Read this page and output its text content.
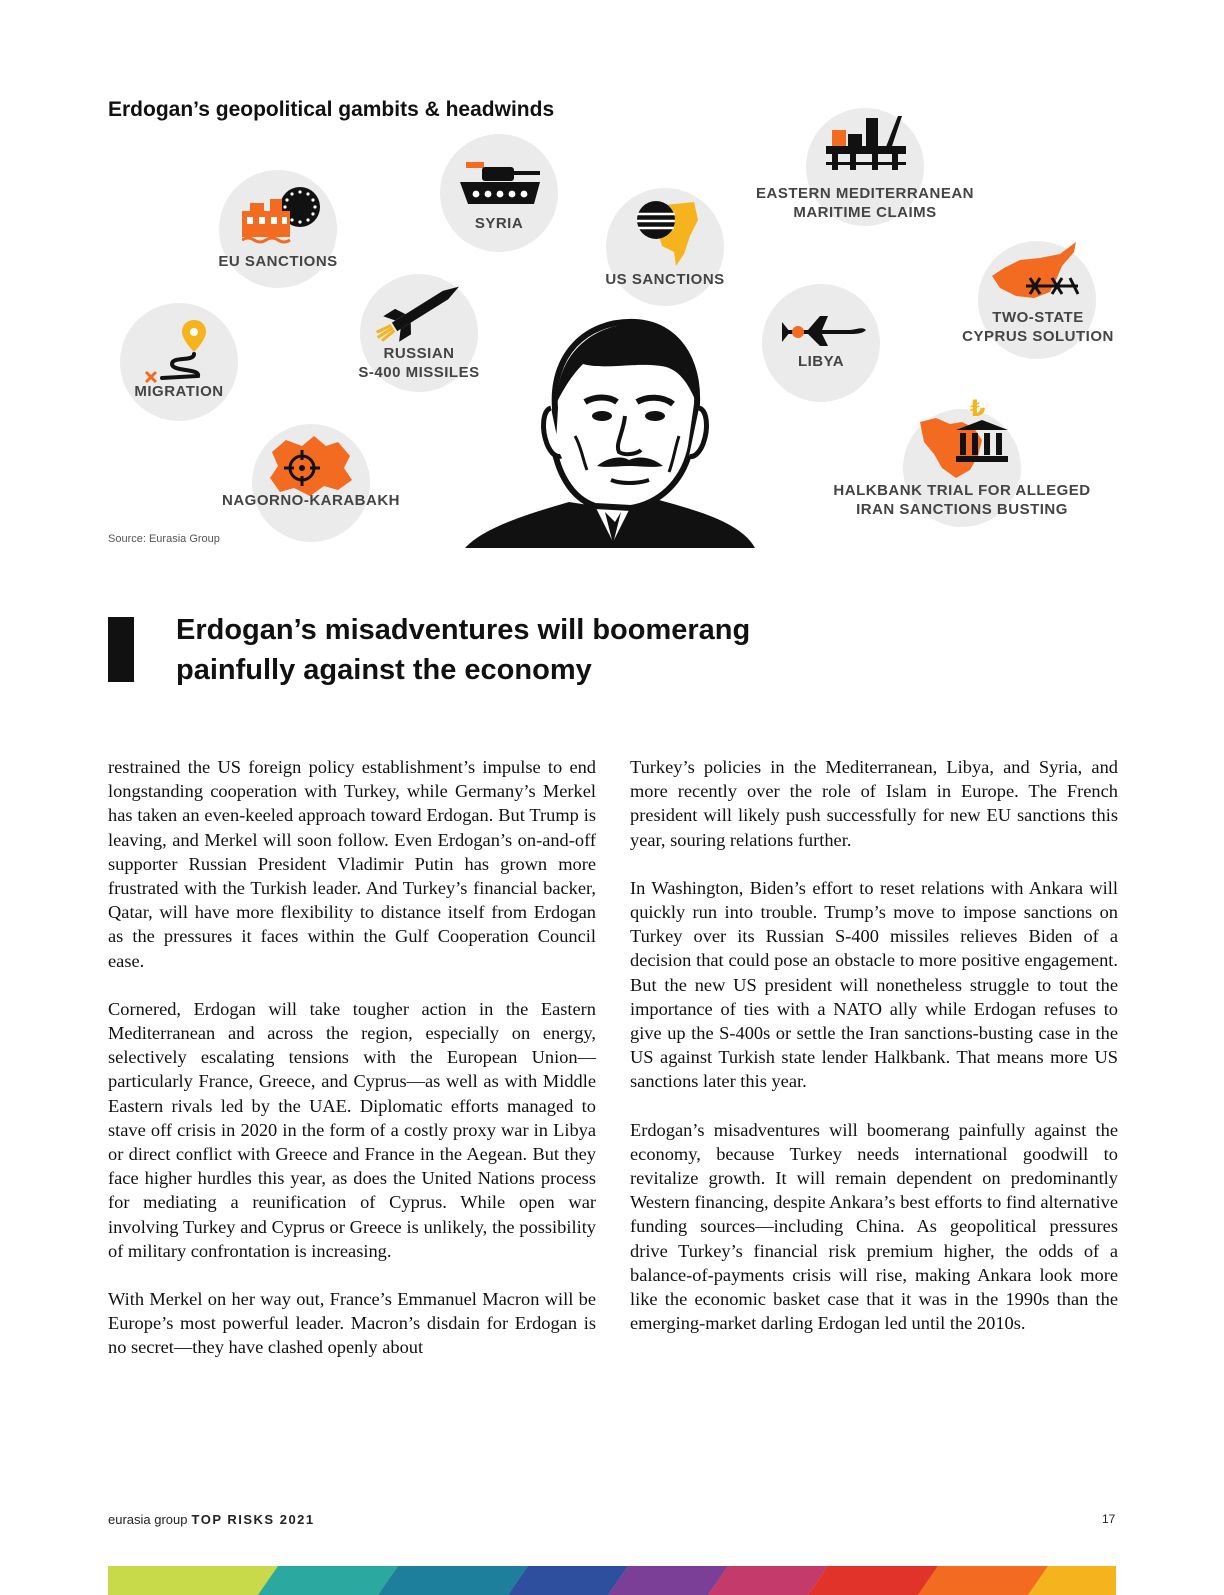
Erdogan’s geopolitical gambits & headwinds
₺
EU SANCTIONS
SYRIA
US SANCTIONS
EASTERN MEDITERRANEAN
MARITIME CLAIMS
TWO-STATE
CYPRUS SOLUTION
MIGRATION
RUSSIAN
S-400 MISSILES
LIBYA
NAGORNO-KARABAKH
HALKBANK TRIAL FOR ALLEGED
IRAN SANCTIONS BUSTING
Source: Eurasia Group
Erdogan’s misadventures will boomerang
painfully against the economy

restrained the US foreign policy establishment’s impulse to end longstanding cooperation with Turkey, while Germany’s Merkel has taken an even-keeled approach toward Erdogan. But Trump is leaving, and Merkel will soon follow. Even Erdogan’s on-and-off supporter Russian President Vladimir Putin has grown more frustrated with the Turkish leader. And Turkey’s financial backer, Qatar, will have more flexibility to distance itself from Erdogan as the pressures it faces within the Gulf Cooperation Council ease.

Cornered, Erdogan will take tougher action in the Eastern Mediterranean and across the region, especially on energy, selectively escalating tensions with the European Union—particularly France, Greece, and Cyprus—as well as with Middle Eastern rivals led by the UAE. Diplomatic efforts managed to stave off crisis in 2020 in the form of a costly proxy war in Libya or direct conflict with Greece and France in the Aegean. But they face higher hurdles this year, as does the United Nations process for mediating a reunification of Cyprus. While open war involving Turkey and Cyprus or Greece is unlikely, the possibility of military confrontation is increasing.

With Merkel on her way out, France’s Emmanuel Macron will be Europe’s most powerful leader. Macron’s disdain for Erdogan is no secret—they have clashed openly about

Turkey’s policies in the Mediterranean, Libya, and Syria, and more recently over the role of Islam in Europe. The French president will likely push successfully for new EU sanctions this year, souring relations further.

In Washington, Biden’s effort to reset relations with Ankara will quickly run into trouble. Trump’s move to impose sanctions on Turkey over its Russian S-400 missiles relieves Biden of a decision that could pose an obstacle to more positive engagement. But the new US president will nonetheless struggle to tout the importance of ties with a NATO ally while Erdogan refuses to give up the S-400s or settle the Iran sanctions-busting case in the US against Turkish state lender Halkbank. That means more US sanctions later this year.

Erdogan’s misadventures will boomerang painfully against the economy, because Turkey needs international goodwill to revitalize growth. It will remain dependent on predominantly Western financing, despite Ankara’s best efforts to find alternative funding sources—including China. As geopolitical pressures drive Turkey’s financial risk premium higher, the odds of a balance-of-payments crisis will rise, making Ankara look more like the economic basket case that it was in the 1990s than the emerging-market darling Erdogan led until the 2010s.

eurasia group TOP RISKS 2021	17
